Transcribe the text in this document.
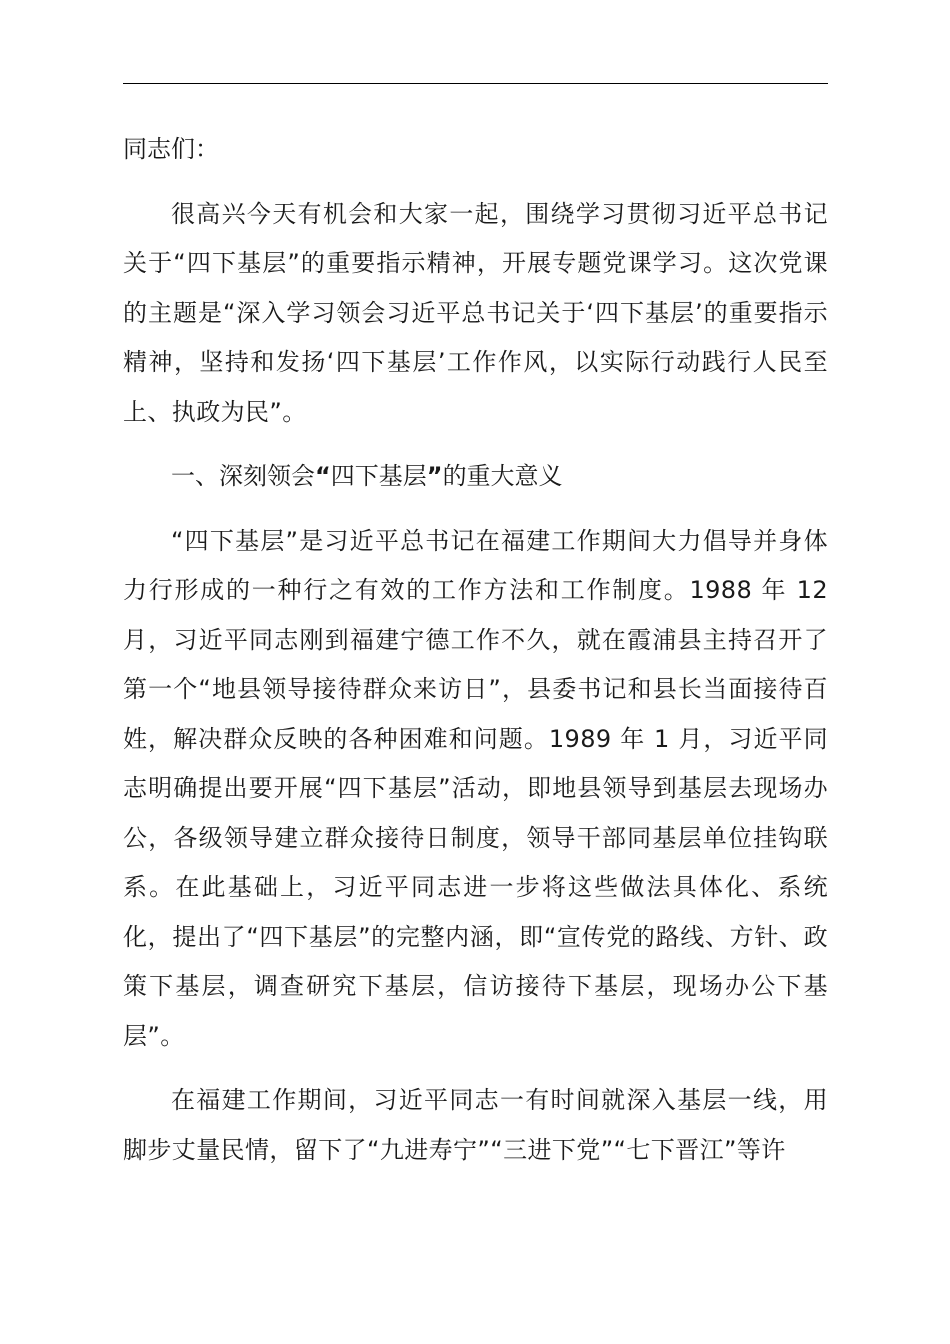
同志们：

很高兴今天有机会和大家一起，围绕学习贯彻习近平总书记关于“四下基层”的重要指示精神，开展专题党课学习。这次党课的主题是“深入学习领会习近平总书记关于‘四下基层’的重要指示精神，坚持和发扬‘四下基层’工作作风，以实际行动践行人民至上、执政为民”。

一、深刻领会“四下基层”的重大意义

“四下基层”是习近平总书记在福建工作期间大力倡导并身体力行形成的一种行之有效的工作方法和工作制度。1988 年 12 月，习近平同志刚到福建宁德工作不久，就在霞浦县主持召开了第一个“地县领导接待群众来访日”，县委书记和县长当面接待百姓，解决群众反映的各种困难和问题。1989 年 1 月，习近平同志明确提出要开展“四下基层”活动，即地县领导到基层去现场办公，各级领导建立群众接待日制度，领导干部同基层单位挂钩联系。在此基础上，习近平同志进一步将这些做法具体化、系统化，提出了“四下基层”的完整内涵，即“宣传党的路线、方针、政策下基层，调查研究下基层，信访接待下基层，现场办公下基层”。

在福建工作期间，习近平同志一有时间就深入基层一线，用脚步丈量民情，留下了“九进寿宁”“三进下党”“七下晋江”等许
